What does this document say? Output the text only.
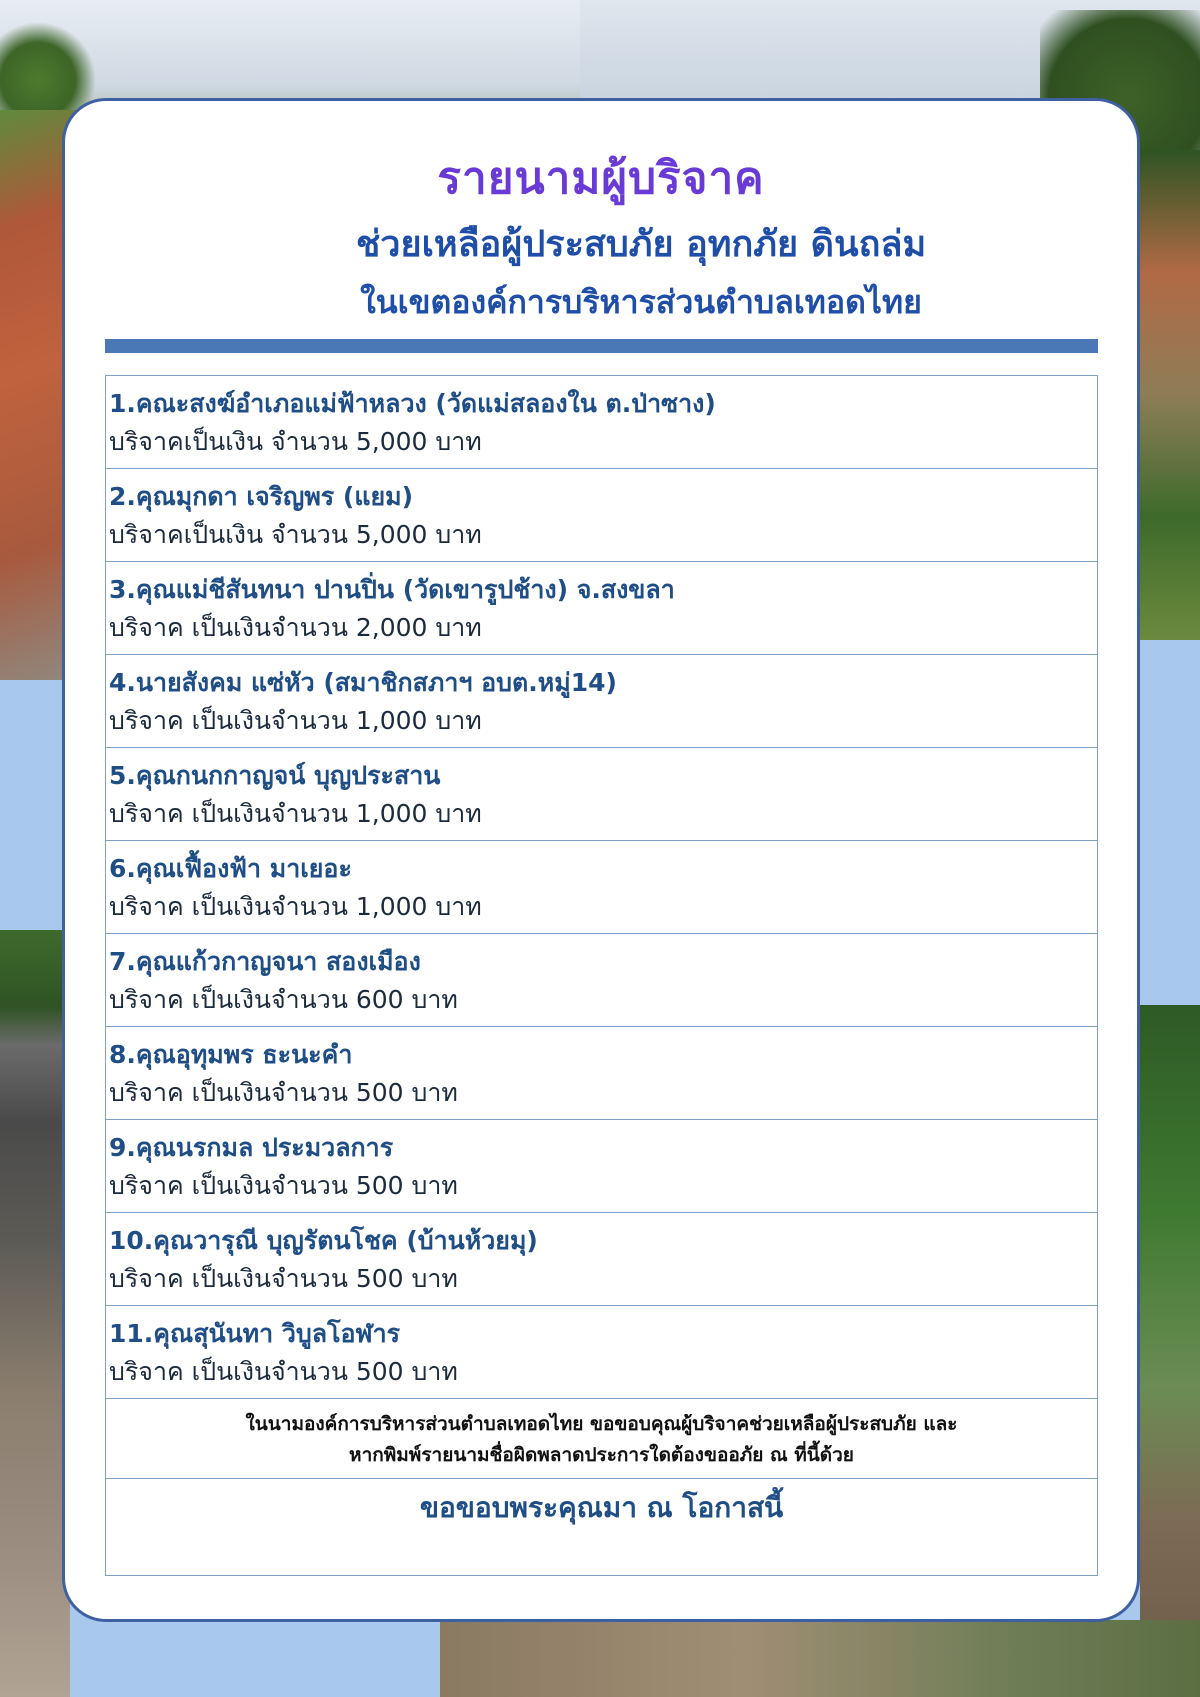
รายนามผู้บริจาค
ช่วยเหลือผู้ประสบภัย อุทกภัย ดินถล่ม
ในเขตองค์การบริหารส่วนตำบลเทอดไทย
1.คณะสงฆ์อำเภอแม่ฟ้าหลวง (วัดแม่สลองใน ต.ป่าซาง)
บริจาคเป็นเงิน จำนวน 5,000 บาท
2.คุณมุกดา เจริญพร (แยม)
บริจาคเป็นเงิน จำนวน 5,000 บาท
3.คุณแม่ชีสันทนา ปานปิ่น (วัดเขารูปช้าง) จ.สงขลา
บริจาค เป็นเงินจำนวน 2,000 บาท
4.นายสังคม แซ่หัว (สมาชิกสภาฯ อบต.หมู่14)
บริจาค เป็นเงินจำนวน 1,000 บาท
5.คุณกนกกาญจน์ บุญประสาน
บริจาค เป็นเงินจำนวน 1,000 บาท
6.คุณเฟื้องฟ้า มาเยอะ
บริจาค เป็นเงินจำนวน 1,000 บาท
7.คุณแก้วกาญจนา สองเมือง
บริจาค เป็นเงินจำนวน 600 บาท
8.คุณอุทุมพร ธะนะคำ
บริจาค เป็นเงินจำนวน 500 บาท
9.คุณนรกมล ประมวลการ
บริจาค เป็นเงินจำนวน 500 บาท
10.คุณวารุณี บุญรัตนโชค (บ้านห้วยมุ)
บริจาค เป็นเงินจำนวน 500 บาท
11.คุณสุนันทา วิบูลโอฬาร
บริจาค เป็นเงินจำนวน 500 บาท
ในนามองค์การบริหารส่วนตำบลเทอดไทย ขอขอบคุณผู้บริจาคช่วยเหลือผู้ประสบภัย และ
หากพิมพ์รายนามชื่อผิดพลาดประการใดต้องขออภัย ณ ที่นี้ด้วย
ขอขอบพระคุณมา ณ โอกาสนี้
